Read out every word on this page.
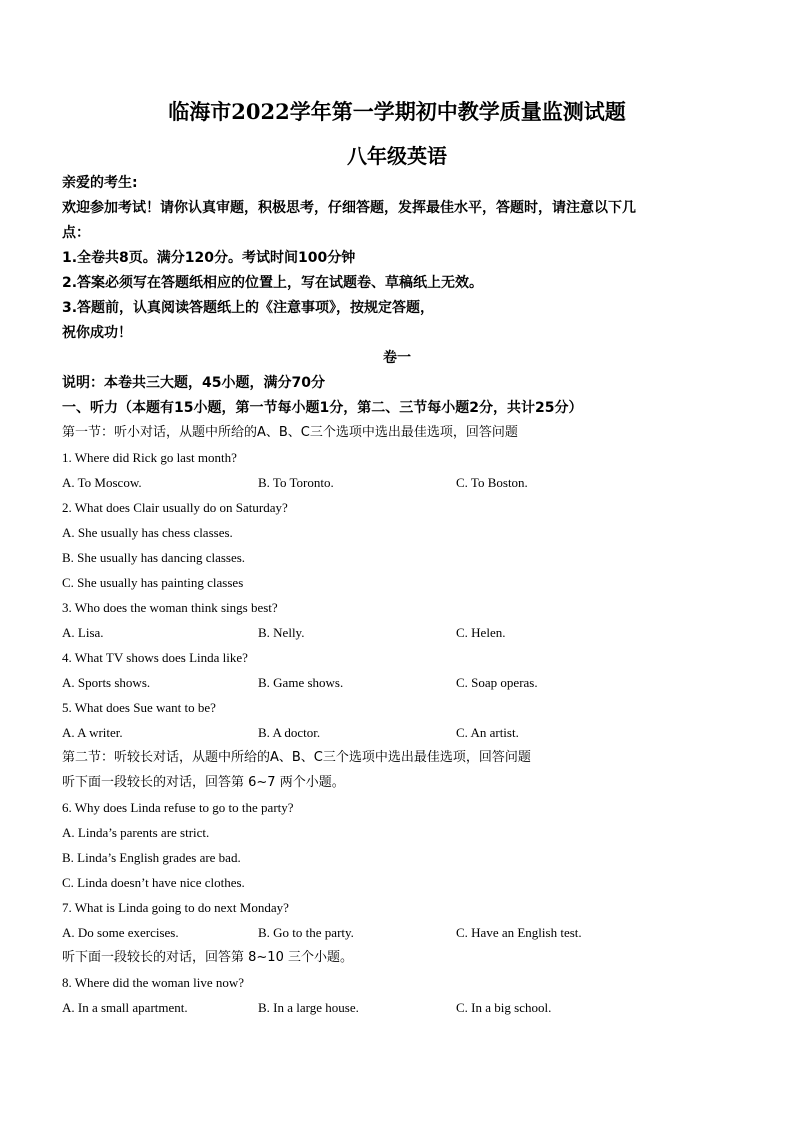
临海市2022学年第一学期初中教学质量监测试题
八年级英语
亲爱的考生:
欢迎参加考试！请你认真审题，积极思考，仔细答题，发挥最佳水平，答题时，请注意以下几
点：
1.全卷共8页。满分120分。考试时间100分钟
2.答案必须写在答题纸相应的位置上，写在试题卷、草稿纸上无效。
3.答题前，认真阅读答题纸上的《注意事项》，按规定答题，
祝你成功！
卷一
说明：本卷共三大题，45小题，满分70分
一、听力（本题有15小题，第一节每小题1分，第二、三节每小题2分，共计25分）
第一节：听小对话，从题中所给的A、B、C三个选项中选出最佳选项，回答问题
1. Where did Rick go last month?
A. To Moscow.	B. To Toronto.	C. To Boston.
2. What does Clair usually do on Saturday?
A. She usually has chess classes.
B. She usually has dancing classes.
C. She usually has painting classes
3. Who does the woman think sings best?
A. Lisa.	B. Nelly.	C. Helen.
4. What TV shows does Linda like?
A. Sports shows.	B. Game shows.	C. Soap operas.
5. What does Sue want to be?
A. A writer.	B. A doctor.	C. An artist.
第二节：听较长对话，从题中所给的A、B、C三个选项中选出最佳选项，回答问题
听下面一段较长的对话，回答第 6~7 两个小题。
6. Why does Linda refuse to go to the party?
A. Linda’s parents are strict.
B. Linda’s English grades are bad.
C. Linda doesn’t have nice clothes.
7. What is Linda going to do next Monday?
A. Do some exercises.	B. Go to the party.	C. Have an English test.
听下面一段较长的对话，回答第 8~10 三个小题。
8. Where did the woman live now?
A. In a small apartment.	B. In a large house.	C. In a big school.
